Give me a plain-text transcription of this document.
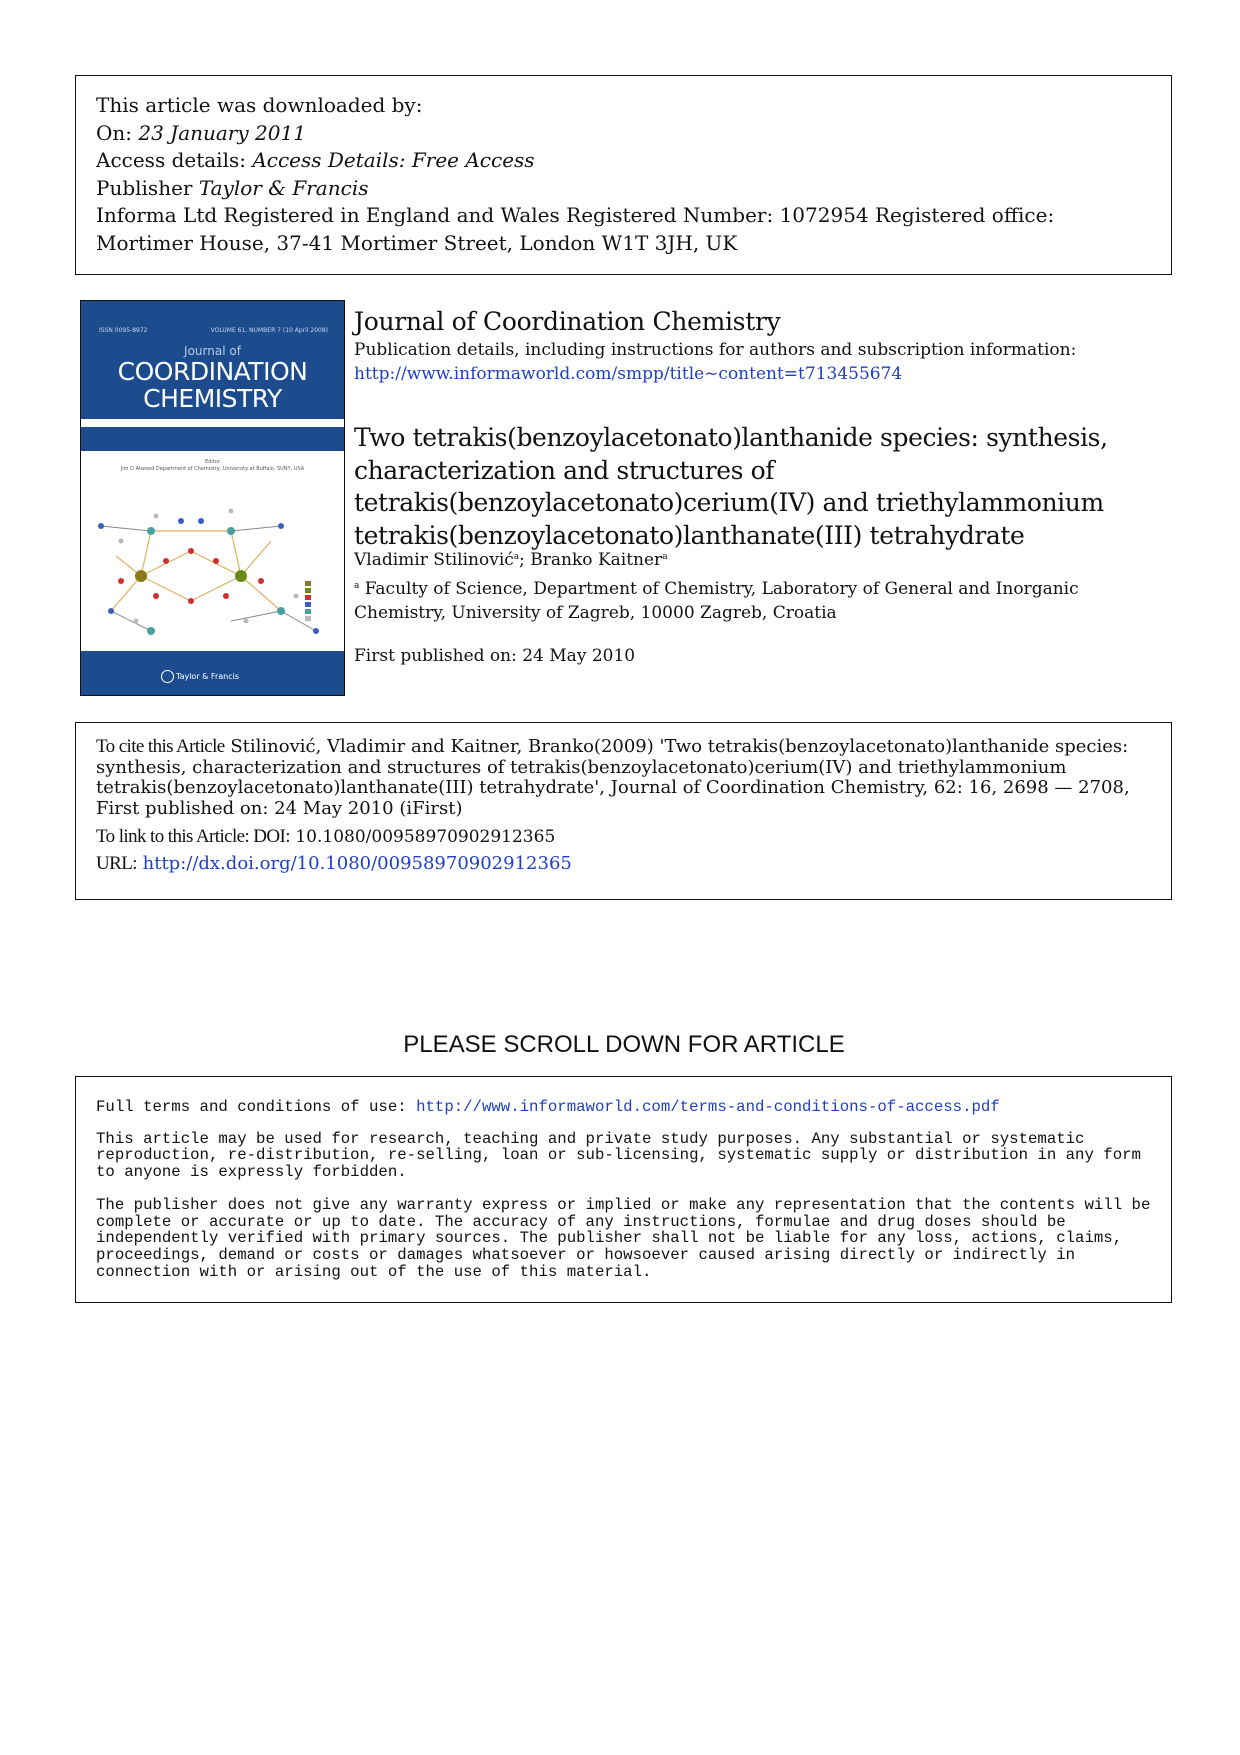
This article was downloaded by:
On: 23 January 2011
Access details: Access Details: Free Access
Publisher Taylor & Francis
Informa Ltd Registered in England and Wales Registered Number: 1072954 Registered office: Mortimer House, 37-41 Mortimer Street, London W1T 3JH, UK
ISSN 0095-8972	VOLUME 61, NUMBER 7 (10 April 2008)
Journal of
COORDINATION
CHEMISTRY
Editor
Jim D Atwood Department of Chemistry, University at Buffalo, SUNY, USA
Taylor & Francis
Journal of Coordination Chemistry
Publication details, including instructions for authors and subscription information:
http://www.informaworld.com/smpp/title~content=t713455674
Two tetrakis(benzoylacetonato)lanthanide species: synthesis, characterization and structures of tetrakis(benzoylacetonato)cerium(IV) and triethylammonium tetrakis(benzoylacetonato)lanthanate(III) tetrahydrate
Vladimir Stilinović$^a$; Branko Kaitner$^a$
$^a$ Faculty of Science, Department of Chemistry, Laboratory of General and Inorganic Chemistry, University of Zagreb, 10000 Zagreb, Croatia
First published on: 24 May 2010
To cite this Article Stilinović, Vladimir and Kaitner, Branko(2009) 'Two tetrakis(benzoylacetonato)lanthanide species: synthesis, characterization and structures of tetrakis(benzoylacetonato)cerium(IV) and triethylammonium tetrakis(benzoylacetonato)lanthanate(III) tetrahydrate', Journal of Coordination Chemistry, 62: 16, 2698 — 2708, First published on: 24 May 2010 (iFirst)
To link to this Article: DOI: 10.1080/00958970902912365
URL: http://dx.doi.org/10.1080/00958970902912365
PLEASE SCROLL DOWN FOR ARTICLE

Full terms and conditions of use: http://www.informaworld.com/terms-and-conditions-of-access.pdf

This article may be used for research, teaching and private study purposes. Any substantial or systematic reproduction, re-distribution, re-selling, loan or sub-licensing, systematic supply or distribution in any form to anyone is expressly forbidden.

The publisher does not give any warranty express or implied or make any representation that the contents will be complete or accurate or up to date. The accuracy of any instructions, formulae and drug doses should be independently verified with primary sources. The publisher shall not be liable for any loss, actions, claims, proceedings, demand or costs or damages whatsoever or howsoever caused arising directly or indirectly in connection with or arising out of the use of this material.
